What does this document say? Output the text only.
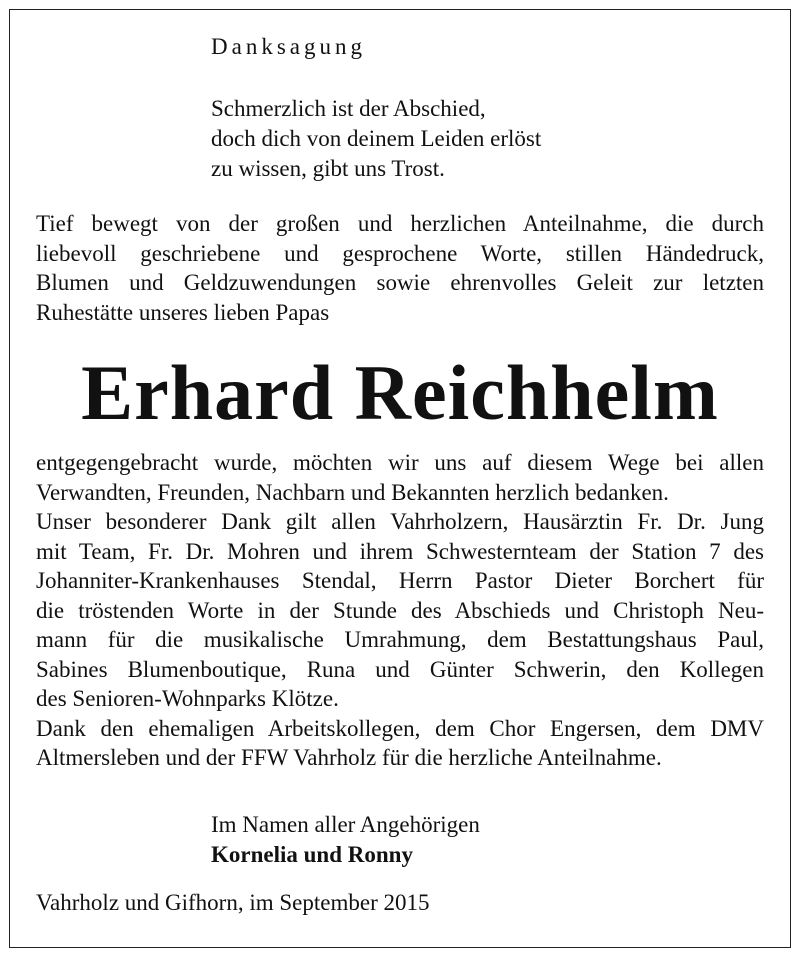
Danksagung
Schmerzlich ist der Abschied,
doch dich von deinem Leiden erlöst
zu wissen, gibt uns Trost.
Tief bewegt von der großen und herzlichen Anteilnahme, die durch
liebevoll geschriebene und gesprochene Worte, stillen Händedruck,
Blumen und Geldzuwendungen sowie ehrenvolles Geleit zur letzten
Ruhestätte unseres lieben Papas
Erhard Reichhelm
entgegengebracht wurde, möchten wir uns auf diesem Wege bei allen
Verwandten, Freunden, Nachbarn und Bekannten herzlich bedanken.
Unser besonderer Dank gilt allen Vahrholzern, Hausärztin Fr. Dr. Jung
mit Team, Fr. Dr. Mohren und ihrem Schwesternteam der Station 7 des
Johanniter-Krankenhauses Stendal, Herrn Pastor Dieter Borchert für
die tröstenden Worte in der Stunde des Abschieds und Christoph Neu-
mann für die musikalische Umrahmung, dem Bestattungshaus Paul,
Sabines Blumenboutique, Runa und Günter Schwerin, den Kollegen
des Senioren-Wohnparks Klötze.
Dank den ehemaligen Arbeitskollegen, dem Chor Engersen, dem DMV
Altmersleben und der FFW Vahrholz für die herzliche Anteilnahme.
Im Namen aller Angehörigen
Kornelia und Ronny
Vahrholz und Gifhorn, im September 2015
